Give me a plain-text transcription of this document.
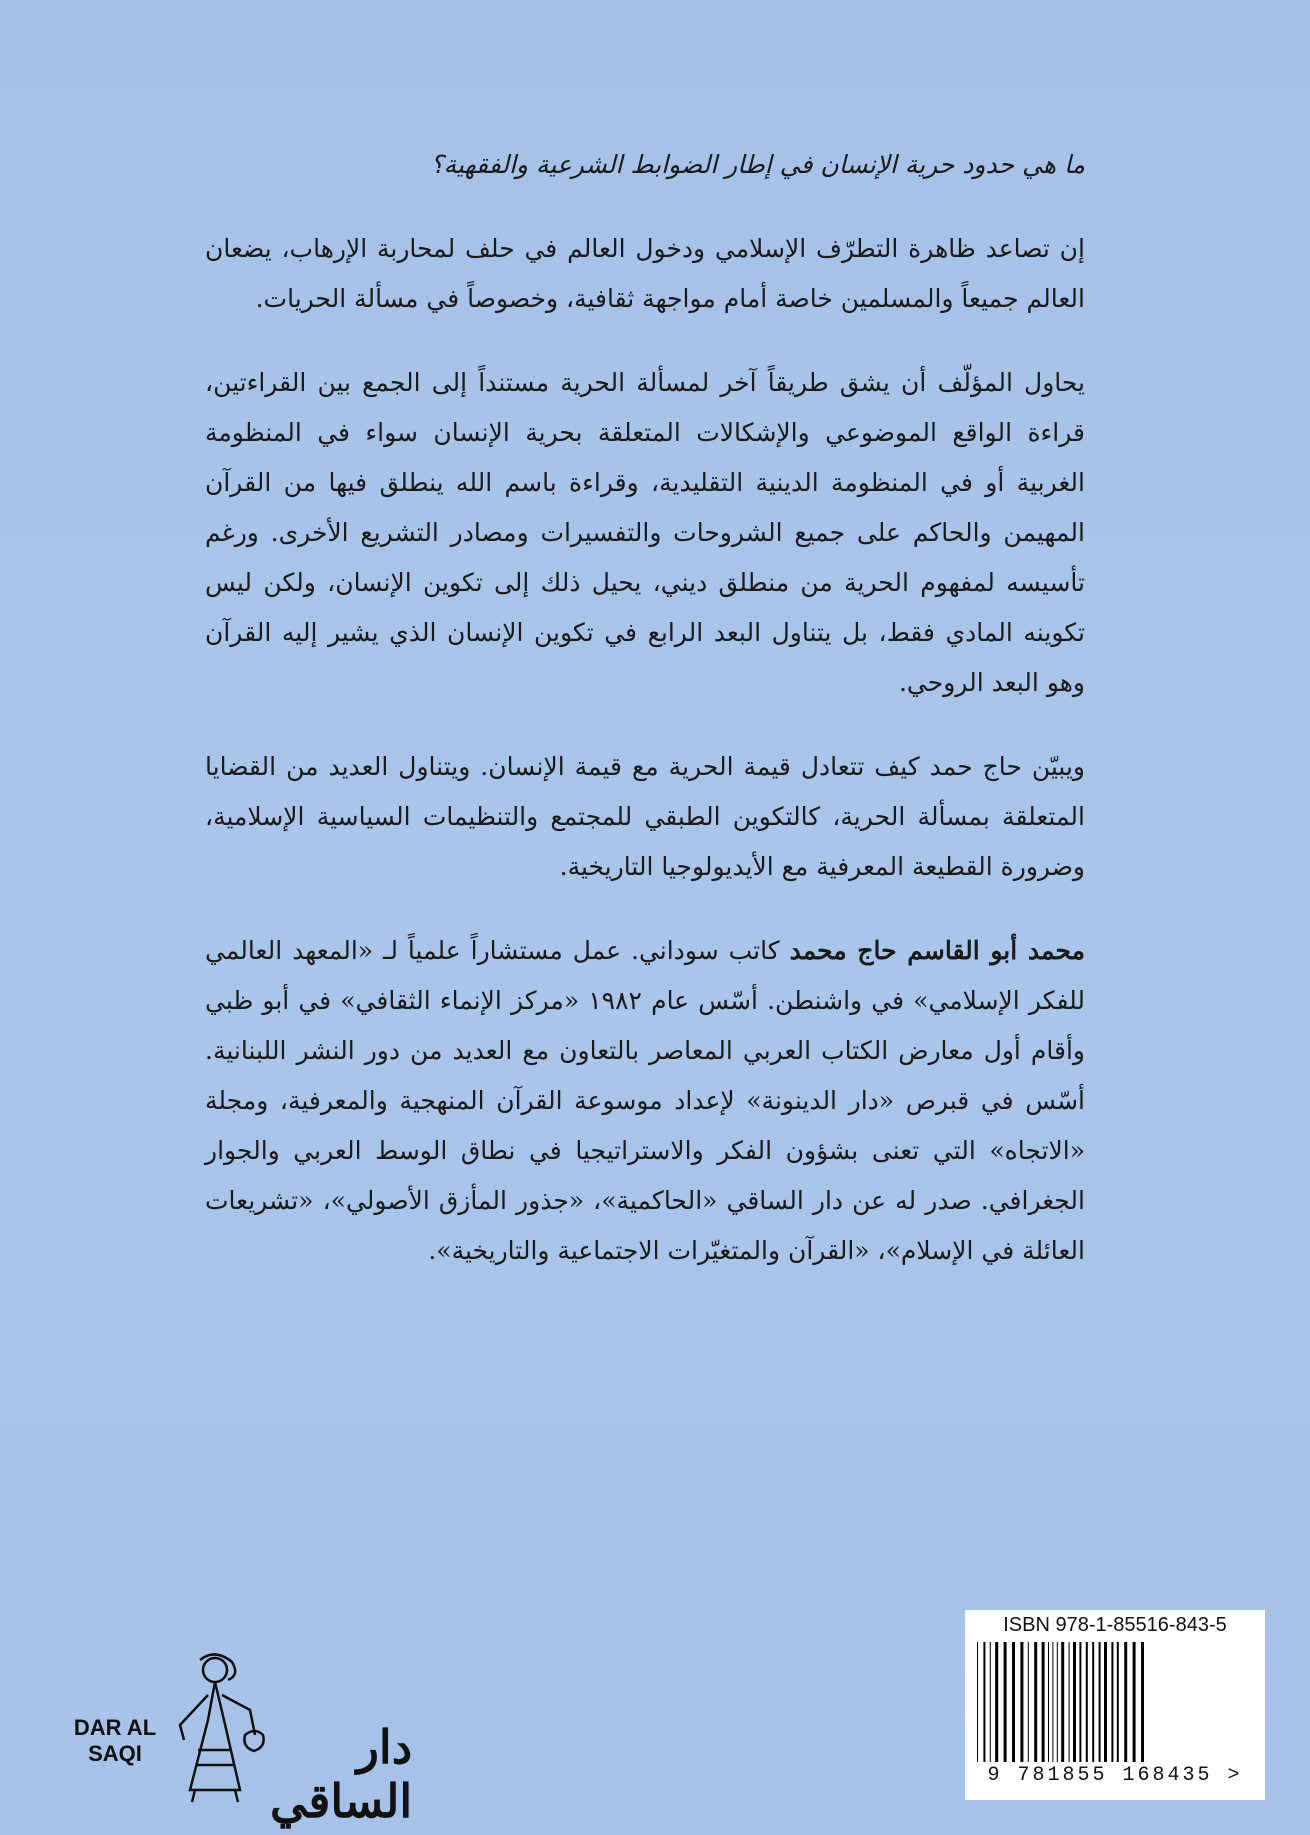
ما هي حدود حرية الإنسان في إطار الضوابط الشرعية والفقهية؟

إن تصاعد ظاهرة التطرّف الإسلامي ودخول العالم في حلف لمحاربة الإرهاب، يضعان العالم جميعاً والمسلمين خاصة أمام مواجهة ثقافية، وخصوصاً في مسألة الحريات.

يحاول المؤلّف أن يشق طريقاً آخر لمسألة الحرية مستنداً إلى الجمع بين القراءتين، قراءة الواقع الموضوعي والإشكالات المتعلقة بحرية الإنسان سواء في المنظومة الغربية أو في المنظومة الدينية التقليدية، وقراءة باسم الله ينطلق فيها من القرآن المهيمن والحاكم على جميع الشروحات والتفسيرات ومصادر التشريع الأخرى. ورغم تأسيسه لمفهوم الحرية من منطلق ديني، يحيل ذلك إلى تكوين الإنسان، ولكن ليس تكوينه المادي فقط، بل يتناول البعد الرابع في تكوين الإنسان الذي يشير إليه القرآن وهو البعد الروحي.

ويبيّن حاج حمد كيف تتعادل قيمة الحرية مع قيمة الإنسان. ويتناول العديد من القضايا المتعلقة بمسألة الحرية، كالتكوين الطبقي للمجتمع والتنظيمات السياسية الإسلامية، وضرورة القطيعة المعرفية مع الأيديولوجيا التاريخية.

محمد أبو القاسم حاج محمد كاتب سوداني. عمل مستشاراً علمياً لـ «المعهد العالمي للفكر الإسلامي» في واشنطن. أسّس عام ١٩٨٢ «مركز الإنماء الثقافي» في أبو ظبي وأقام أول معارض الكتاب العربي المعاصر بالتعاون مع العديد من دور النشر اللبنانية. أسّس في قبرص «دار الدينونة» لإعداد موسوعة القرآن المنهجية والمعرفية، ومجلة «الاتجاه» التي تعنى بشؤون الفكر والاستراتيجيا في نطاق الوسط العربي والجوار الجغرافي. صدر له عن دار الساقي «الحاكمية»، «جذور المأزق الأصولي»، «تشريعات العائلة في الإسلام»، «القرآن والمتغيّرات الاجتماعية والتاريخية».

ISBN 978-1-85516-843-5
9 781855 168435 >
DAR AL SAQI	دار الساقي
